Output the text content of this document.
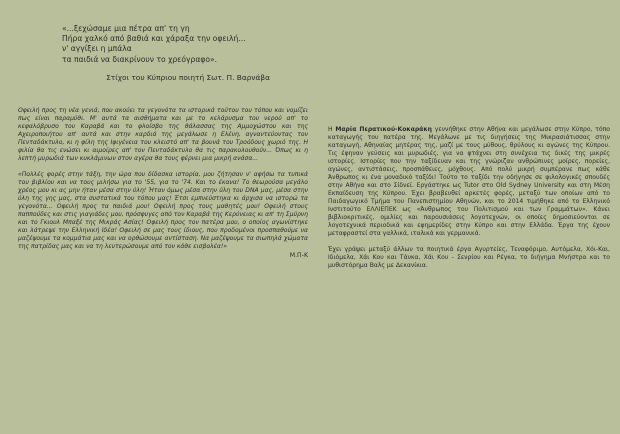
«...ξεχώσαμε μια πέτρα απ' τη γη
Πήρα χαλκό από βαθιά και χάραξα την οφειλή...
ν' αγγίξει η μπάλα
τα παιδιά να διακρίνουν το χρεόγραφο».
Στίχοι του Κύπριου ποιητή Σωτ. Π. Βαρνάβα

Οφειλή προς τη νέα γενιά, που ακούει τα γεγονότα τα ιστορικά τούτου του τόπου και νομίζει πως είναι παραμύθι. Μ' αυτά τα αισθήματα και με το κελάρυσμα του νερού απ' το κεφαλόβρυσο του Καραβά και το φλοίσβο της θάλασσας της Αμμοχώστου και της Αχειροποιήτου απ' αυτά και στην καρδιά της μεγάλωσε η Ελένη, αγναντεύοντας τον Πενταδάκτυλο, κι η φίλη της Ιφιγένεια του κλειστό απ' τα βουνά του Τροόδους χωριό της. Η φιλία θα τις ενώσει κι αιμοίρες απ' τον Πενταδάκτυλο θα τις παρακολουθούν... Όπως κι η λεπτή μυρωδιά των κυκλάμινων στον αγέρα θα τους φέρνει μια μικρή ανάσα...

«Πολλές φορές στην τάξη, την ώρα που δίδασκα ιστορία, μου ζήτησαν ν' αφήσω τα τυπικά του βιβλίου και να τους μιλήσω για το '55, για το '74. Και το έκανα! Το θεωρούσα μεγάλο χρέος μου κι ας μην ήταν μέσα στην ύλη! Ήταν όμως μέσα στην ύλη του DNA μας, μέσα στην ύλη της γης μας, στα συστατικά του τόπου μας! Έτσι εμπνεύστηκα κι άρχισα να ιστορώ τα γεγονότα... Οφειλή προς τα παιδιά μου! Οφειλή προς τους μαθητές μου! Οφειλή στους παππούδες και στις γιαγιάδες μου, πρόσφυγες από τον Καραβά της Κερύνειας κι απ' τη Σμύρνη και το Γκιουλ Μπαξέ της Μικράς Ασίας! Οφειλή προς τον πατέρα μου, ο οποίος αγωνίστηκε και λάτρεψε την Ελληνική Ιδέα! Οφειλή σε μας τους ίδιους, που προδομένοι προσπαθούμε να μαζέψουμε τα κομμάτια μας και να ορθώσουμε αντίσταση. Να μαζέψουμε τα σιωπηλά χώματα της πατρίδας μας και να τη λευτερώσουμε από τον κάθε εισβολέα!»

Μ.Π-Κ

Η Μαρία Περατικού-Κοκαράκη γεννήθηκε στην Αθήνα και μεγάλωσε στην Κύπρο, τόπο καταγωγής του πατέρα της. Μεγάλωνε με τις διηγήσεις της Μικρασιάτισσας στην καταγωγή, Αθηναίας μητέρας της, μαζί με τους μύθους, θρύλους κι αγώνες της Κύπρου. Τις έφηναν γεύσεις και μυρωδιές, για να φτάχνει στη συνέχεια τις δικές της μικρές ιστορίες. Ιστορίες που την ταξίδευαν και της γνώριζαν ανθρώπινες μοίρες, πορείες, αγώνες, αντιστάσεις, προσπάθειες, μόχθους. Από πολύ μικρή συμπέρανε πως κάθε Άνθρωπος κι ένα μοναδικό ταξίδι! Τούτο το ταξίδι την οδήγησε σε φιλολογικές σπουδές στην Αθήνα και στο Σίδνεϊ. Εργάστηκε ως Tutor στο Old Sydney University και στη Μέση Εκπαίδευση της Κύπρου. Έχει βραβευθεί αρκετές φορές, μεταξύ των οποίων από το Παιδαγωγικό Τμήμα του Πανεπιστημίου Αθηνών, και το 2014 τιμήθηκε από το Ελληνικό Ινστιτούτο ΕΛΛΙΕΠΕΚ ως «Άνθρωπος του Πολιτισμού και των Γραμμάτων». Κάνει βιβλιοκριτικές, ομιλίες και παρουσιάσεις λογοτεχνών, οι οποίες δημοσιεύονται σε λογοτεχνικά περιοδικά και εφημερίδες στην Κύπρο και στην Ελλάδα. Έργα της έχουν μεταφραστεί στα γαλλικά, ιταλικά και γερμανικά.

Έχει γράψει μεταξύ άλλων τα ποιητικά έργα Αγυρτείες, Τεναφόριμο, Αυτόμελα, Χόι-Και, Ιδιόμελα, Χάι Κου και Τάνκα, Χάι Κου - Σενρίου και Ρέγκα, το διήγημα Μνήστρα και το μυθιστόρημα Βαλς με Δεκανίκια.
